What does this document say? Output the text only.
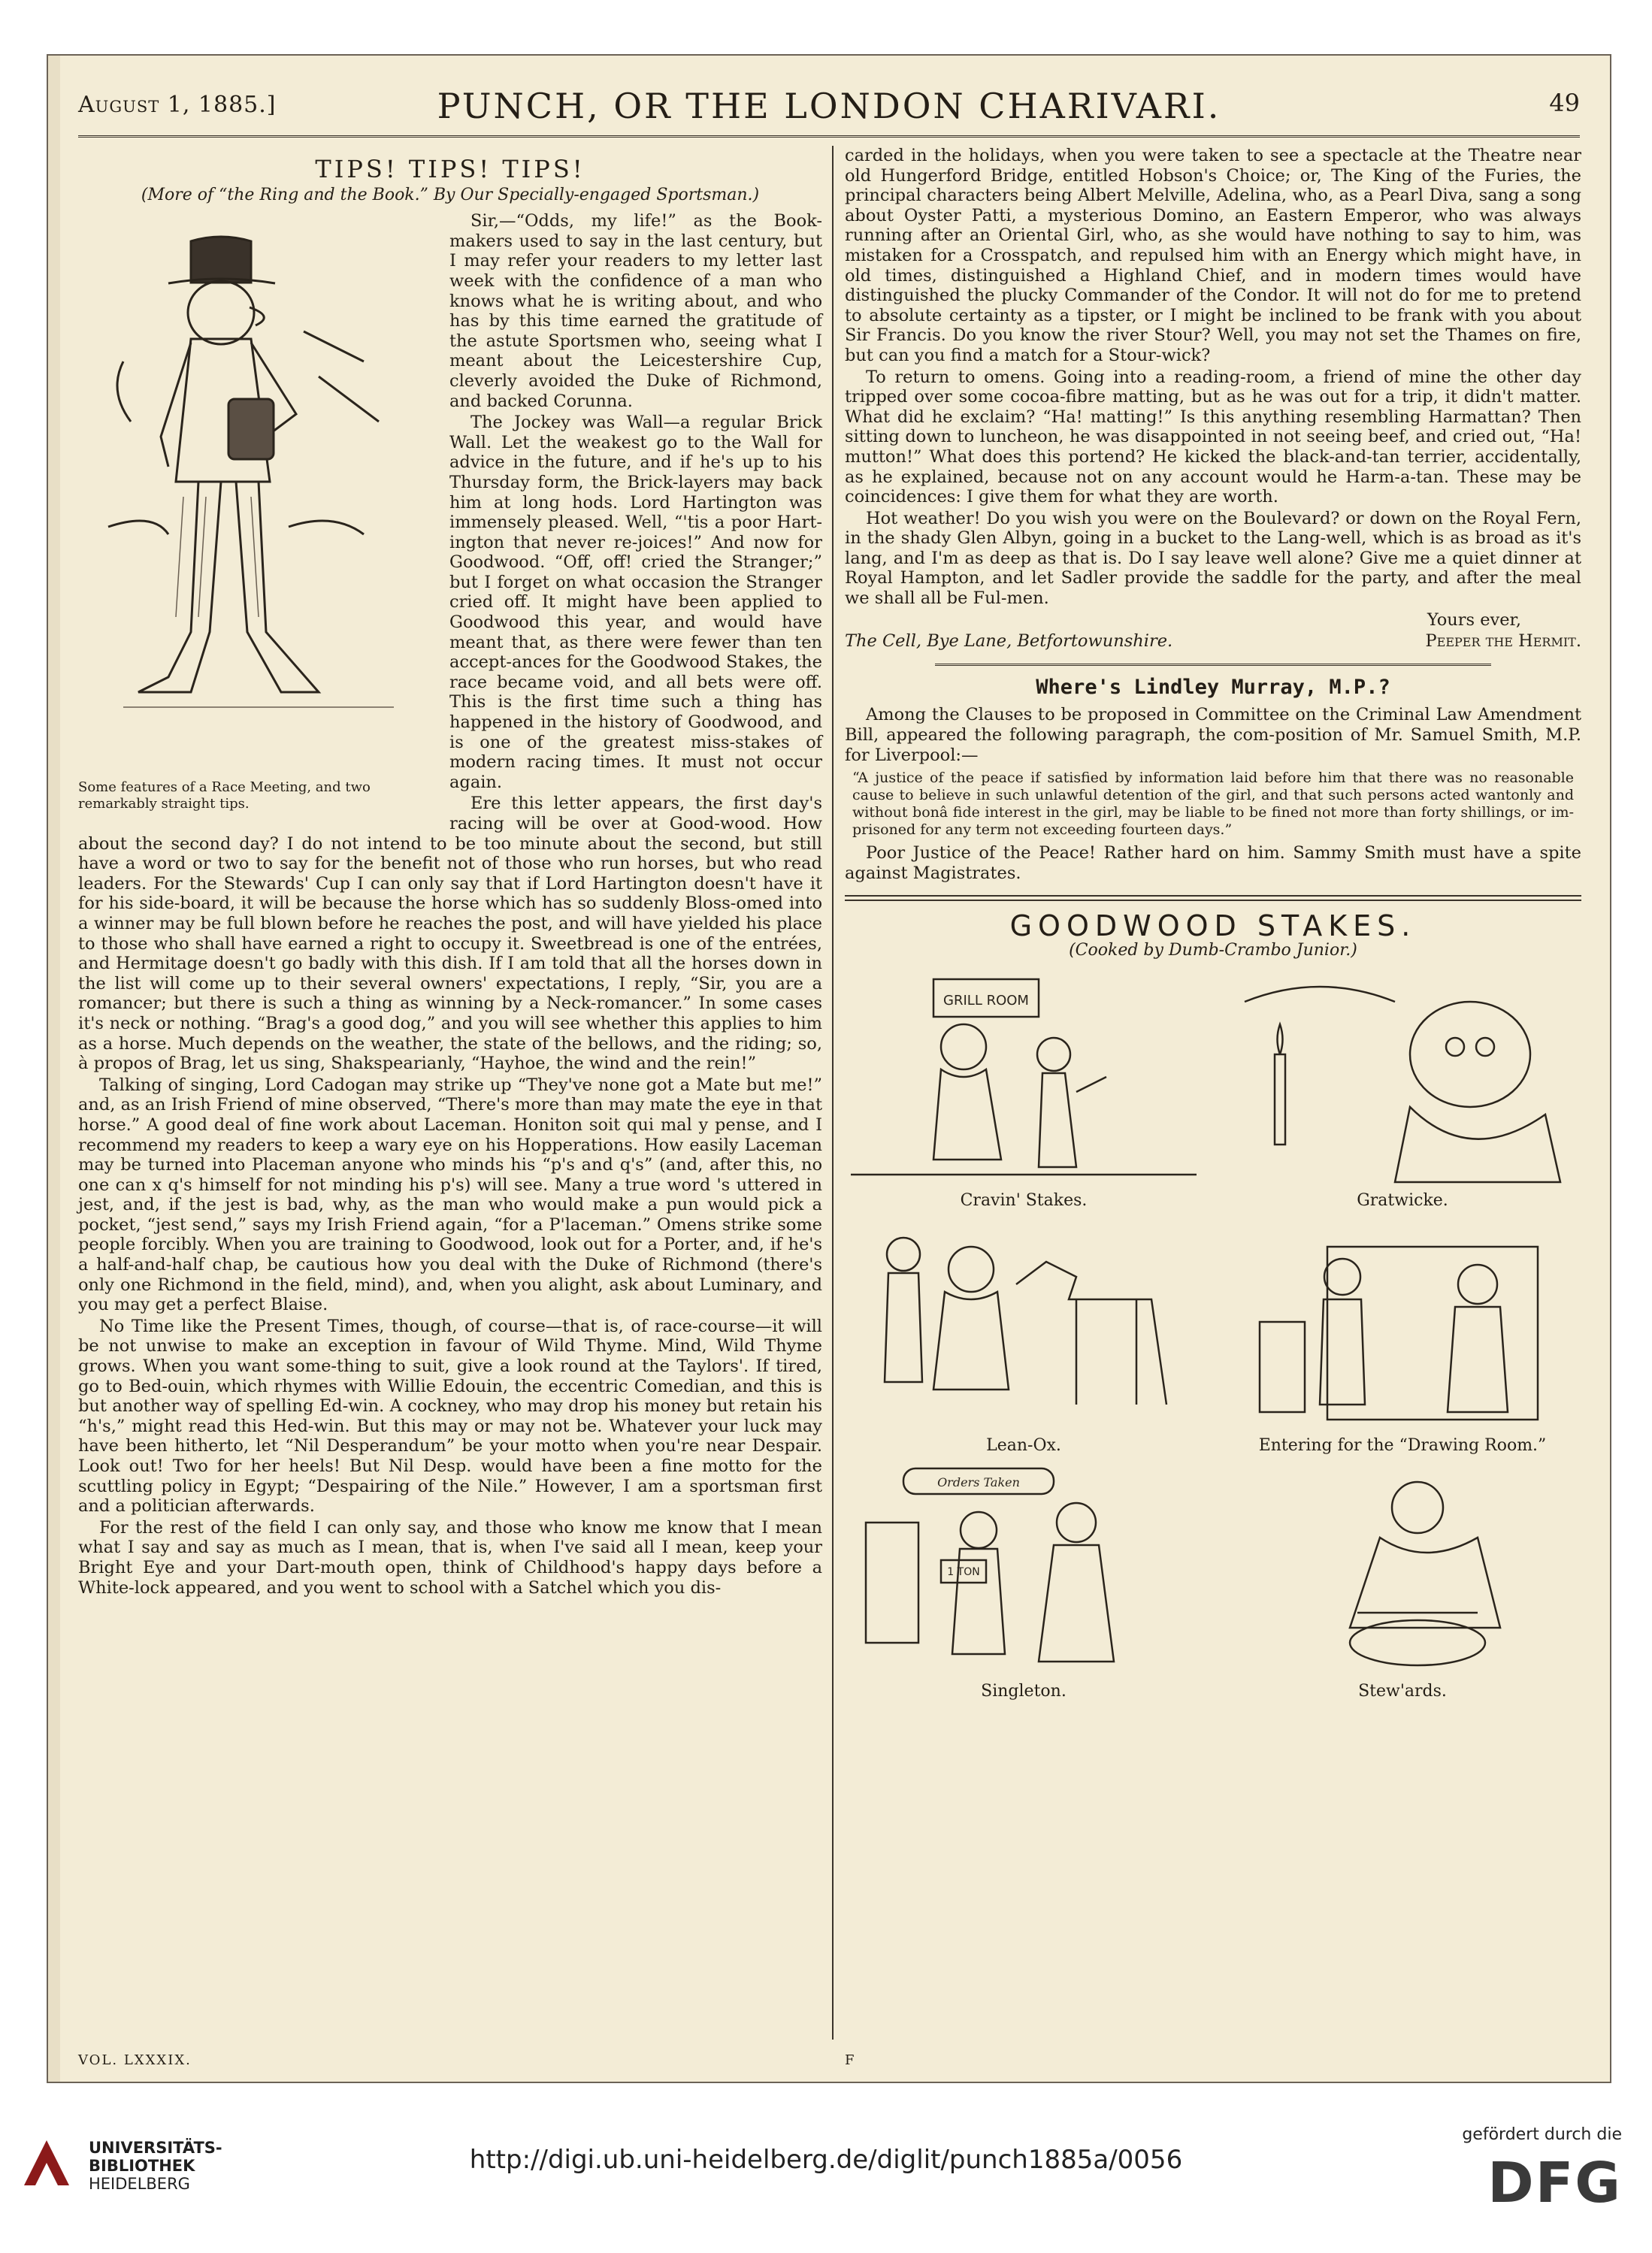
August 1, 1885.]	PUNCH, OR THE LONDON CHARIVARI.	49
TIPS! TIPS! TIPS!
(More of “the Ring and the Book.” By Our Specially-engaged Sportsman.)
Some features of a Race Meeting, and two remarkably straight tips.

Sir,—“Odds, my life!” as the Book-makers used to say in the last century, but I may refer your readers to my letter last week with the confidence of a man who knows what he is writing about, and who has by this time earned the gratitude of the astute Sportsmen who, seeing what I meant about the Leicestershire Cup, cleverly avoided the Duke of Richmond, and backed Corunna.

The Jockey was Wall—a regular Brick Wall. Let the weakest go to the Wall for advice in the future, and if he's up to his Thursday form, the Brick-layers may back him at long hods. Lord Hartington was immensely pleased. Well, “'tis a poor Hart-ington that never re-joices!” And now for Goodwood. “Off, off! cried the Stranger;” but I forget on what occasion the Stranger cried off. It might have been applied to Goodwood this year, and would have meant that, as there were fewer than ten accept-ances for the Goodwood Stakes, the race became void, and all bets were off. This is the first time such a thing has happened in the history of Goodwood, and is one of the greatest miss-stakes of modern racing times. It must not occur again.

Ere this letter appears, the first day's racing will be over at Good-wood. How about the second day? I do not intend to be too minute about the second, but still have a word or two to say for the benefit not of those who run horses, but who read leaders. For the Stewards' Cup I can only say that if Lord Hartington doesn't have it for his side-board, it will be because the horse which has so suddenly Bloss-omed into a winner may be full blown before he reaches the post, and will have yielded his place to those who shall have earned a right to occupy it. Sweetbread is one of the entrées, and Hermitage doesn't go badly with this dish. If I am told that all the horses down in the list will come up to their several owners' expectations, I reply, “Sir, you are a romancer; but there is such a thing as winning by a Neck-romancer.” In some cases it's neck or nothing. “Brag's a good dog,” and you will see whether this applies to him as a horse. Much depends on the weather, the state of the bellows, and the riding; so, à propos of Brag, let us sing, Shakspearianly, “Hayhoe, the wind and the rein!”

Talking of singing, Lord Cadogan may strike up “They've none got a Mate but me!” and, as an Irish Friend of mine observed, “There's more than may mate the eye in that horse.” A good deal of fine work about Laceman. Honiton soit qui mal y pense, and I recommend my readers to keep a wary eye on his Hopperations. How easily Laceman may be turned into Placeman anyone who minds his “p's and q's” (and, after this, no one can x q's himself for not minding his p's) will see. Many a true word 's uttered in jest, and, if the jest is bad, why, as the man who would make a pun would pick a pocket, “jest send,” says my Irish Friend again, “for a P'laceman.” Omens strike some people forcibly. When you are training to Goodwood, look out for a Porter, and, if he's a half-and-half chap, be cautious how you deal with the Duke of Richmond (there's only one Richmond in the field, mind), and, when you alight, ask about Luminary, and you may get a perfect Blaise.

No Time like the Present Times, though, of course—that is, of race-course—it will be not unwise to make an exception in favour of Wild Thyme. Mind, Wild Thyme grows. When you want some-thing to suit, give a look round at the Taylors'. If tired, go to Bed-ouin, which rhymes with Willie Edouin, the eccentric Comedian, and this is but another way of spelling Ed-win. A cockney, who may drop his money but retain his “h's,” might read this Hed-win. But this may or may not be. Whatever your luck may have been hitherto, let “Nil Desperandum” be your motto when you're near Despair. Look out! Two for her heels! But Nil Desp. would have been a fine motto for the scuttling policy in Egypt; “Despairing of the Nile.” However, I am a sportsman first and a politician afterwards.

For the rest of the field I can only say, and those who know me know that I mean what I say and say as much as I mean, that is, when I've said all I mean, keep your Bright Eye and your Dart-mouth open, think of Childhood's happy days before a White-lock appeared, and you went to school with a Satchel which you dis-

carded in the holidays, when you were taken to see a spectacle at the Theatre near old Hungerford Bridge, entitled Hobson's Choice; or, The King of the Furies, the principal characters being Albert Melville, Adelina, who, as a Pearl Diva, sang a song about Oyster Patti, a mysterious Domino, an Eastern Emperor, who was always running after an Oriental Girl, who, as she would have nothing to say to him, was mistaken for a Crosspatch, and repulsed him with an Energy which might have, in old times, distinguished a Highland Chief, and in modern times would have distinguished the plucky Commander of the Condor. It will not do for me to pretend to absolute certainty as a tipster, or I might be inclined to be frank with you about Sir Francis. Do you know the river Stour? Well, you may not set the Thames on fire, but can you find a match for a Stour-wick?

To return to omens. Going into a reading-room, a friend of mine the other day tripped over some cocoa-fibre matting, but as he was out for a trip, it didn't matter. What did he exclaim? “Ha! matting!” Is this anything resembling Harmattan? Then sitting down to luncheon, he was disappointed in not seeing beef, and cried out, “Ha! mutton!” What does this portend? He kicked the black-and-tan terrier, accidentally, as he explained, because not on any account would he Harm-a-tan. These may be coincidences: I give them for what they are worth.

Hot weather! Do you wish you were on the Boulevard? or down on the Royal Fern, in the shady Glen Albyn, going in a bucket to the Lang-well, which is as broad as it's lang, and I'm as deep as that is. Do I say leave well alone? Give me a quiet dinner at Royal Hampton, and let Sadler provide the saddle for the party, and after the meal we shall all be Ful-men.

Yours ever,
The Cell, Bye Lane, Betfortowunshire.	Peeper the Hermit.
Where's Lindley Murray, M.P.?

Among the Clauses to be proposed in Committee on the Criminal Law Amendment Bill, appeared the following paragraph, the com-position of Mr. Samuel Smith, M.P. for Liverpool:—

“A justice of the peace if satisfied by information laid before him that there was no reasonable cause to believe in such unlawful detention of the girl, and that such persons acted wantonly and without bonâ fide interest in the girl, may be liable to be fined not more than forty shillings, or im-prisoned for any term not exceeding fourteen days.”

Poor Justice of the Peace! Rather hard on him. Sammy Smith must have a spite against Magistrates.

GOODWOOD STAKES.
(Cooked by Dumb-Crambo Junior.)
GRILL ROOM
Cravin' Stakes.	Gratwicke.
Lean-Ox.	Entering for the “Drawing Room.”
Orders Taken
1 TON
Singleton.	Stew'ards.
VOL. LXXXIX.	F
UNIVERSITÄTS-
BIBLIOTHEK
HEIDELBERG
http://digi.ub.uni-heidelberg.de/diglit/punch1885a/0056
gefördert durch die
DFG
